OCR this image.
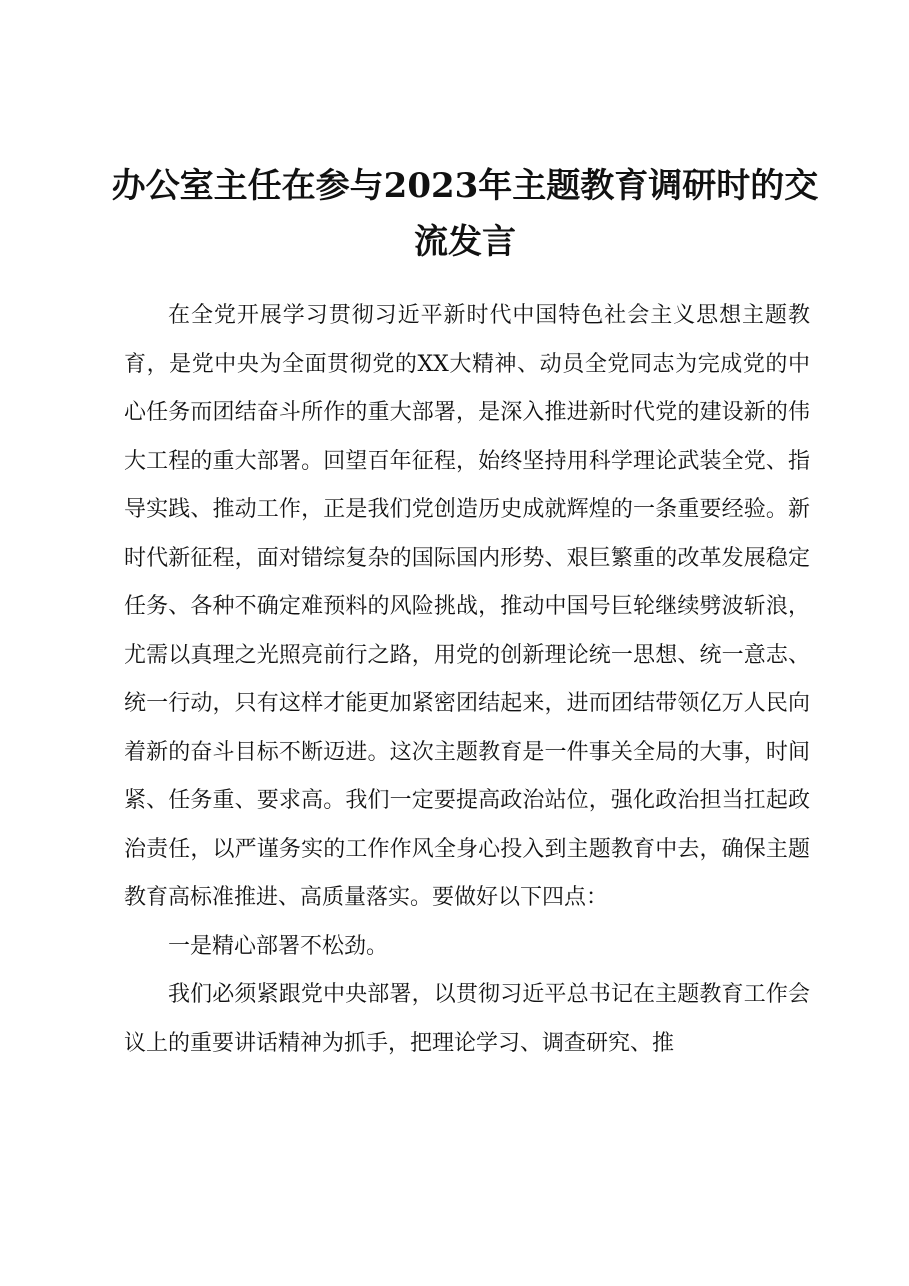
办公室主任在参与2023年主题教育调研时的交流发言

在全党开展学习贯彻习近平新时代中国特色社会主义思想主题教育，是党中央为全面贯彻党的XX大精神、动员全党同志为完成党的中心任务而团结奋斗所作的重大部署，是深入推进新时代党的建设新的伟大工程的重大部署。回望百年征程，始终坚持用科学理论武装全党、指导实践、推动工作，正是我们党创造历史成就辉煌的一条重要经验。新时代新征程，面对错综复杂的国际国内形势、艰巨繁重的改革发展稳定任务、各种不确定难预料的风险挑战，推动中国号巨轮继续劈波斩浪，尤需以真理之光照亮前行之路，用党的创新理论统一思想、统一意志、统一行动，只有这样才能更加紧密团结起来，进而团结带领亿万人民向着新的奋斗目标不断迈进。这次主题教育是一件事关全局的大事，时间紧、任务重、要求高。我们一定要提高政治站位，强化政治担当扛起政治责任，以严谨务实的工作作风全身心投入到主题教育中去，确保主题教育高标准推进、高质量落实。要做好以下四点：

一是精心部署不松劲。

我们必须紧跟党中央部署，以贯彻习近平总书记在主题教育工作会议上的重要讲话精神为抓手，把理论学习、调查研究、推
